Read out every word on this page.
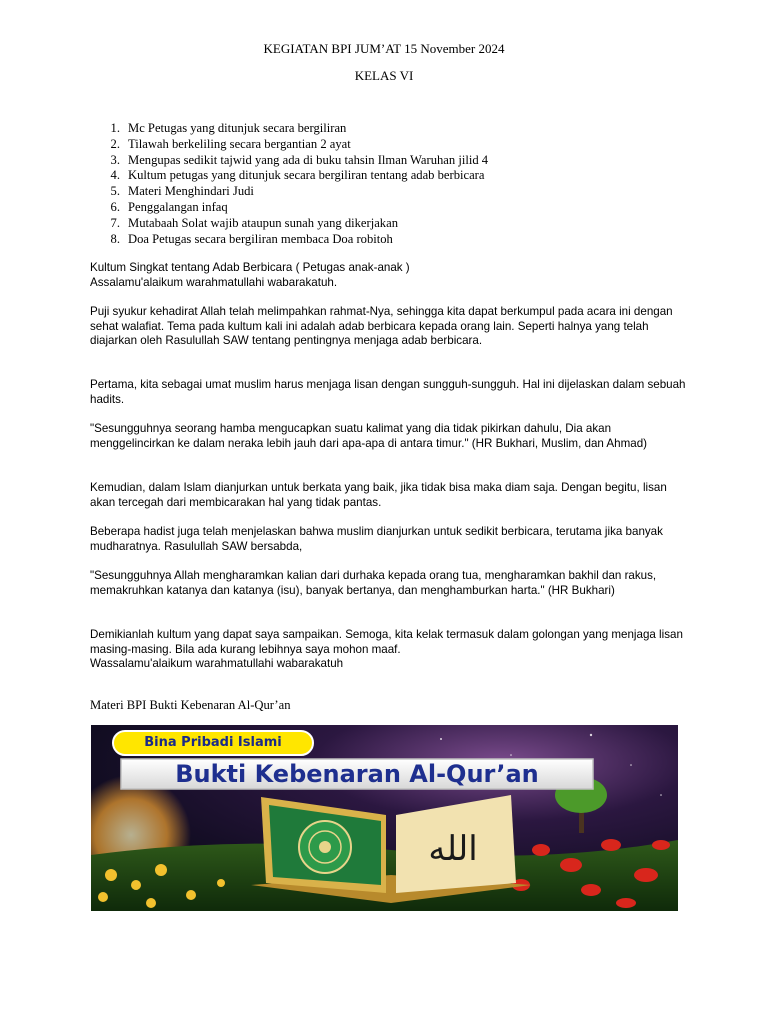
KEGIATAN BPI JUM’AT 15 November 2024
KELAS VI
1. Mc Petugas yang ditunjuk secara bergiliran
2. Tilawah berkeliling secara bergantian 2 ayat
3. Mengupas sedikit tajwid yang ada di buku tahsin Ilman Waruhan jilid 4
4. Kultum petugas yang ditunjuk secara bergiliran tentang adab berbicara
5. Materi Menghindari Judi
6. Penggalangan infaq
7. Mutabaah Solat wajib ataupun sunah yang dikerjakan
8. Doa Petugas secara bergiliran membaca Doa robitoh

Kultum Singkat tentang Adab Berbicara ( Petugas anak-anak )

Assalamu'alaikum warahmatullahi wabarakatuh.

Puji syukur kehadirat Allah telah melimpahkan rahmat-Nya, sehingga kita dapat berkumpul pada acara ini dengan sehat walafiat. Tema pada kultum kali ini adalah adab berbicara kepada orang lain. Seperti halnya yang telah diajarkan oleh Rasulullah SAW tentang pentingnya menjaga adab berbicara.

Pertama, kita sebagai umat muslim harus menjaga lisan dengan sungguh-sungguh. Hal ini dijelaskan dalam sebuah hadits.

"Sesungguhnya seorang hamba mengucapkan suatu kalimat yang dia tidak pikirkan dahulu, Dia akan menggelincirkan ke dalam neraka lebih jauh dari apa-apa di antara timur." (HR Bukhari, Muslim, dan Ahmad)

Kemudian, dalam Islam dianjurkan untuk berkata yang baik, jika tidak bisa maka diam saja. Dengan begitu, lisan akan tercegah dari membicarakan hal yang tidak pantas.

Beberapa hadist juga telah menjelaskan bahwa muslim dianjurkan untuk sedikit berbicara, terutama jika banyak mudharatnya. Rasulullah SAW bersabda,

"Sesungguhnya Allah mengharamkan kalian dari durhaka kepada orang tua, mengharamkan bakhil dan rakus, memakruhkan katanya dan katanya (isu), banyak bertanya, dan menghamburkan harta." (HR Bukhari)

Demikianlah kultum yang dapat saya sampaikan. Semoga, kita kelak termasuk dalam golongan yang menjaga lisan masing-masing. Bila ada kurang lebihnya saya mohon maaf.

Wassalamu'alaikum warahmatullahi wabarakatuh

Materi BPI Bukti Kebenaran Al-Qur’an
الله
Bina Pribadi Islami
Bukti Kebenaran Al-Qur’an
